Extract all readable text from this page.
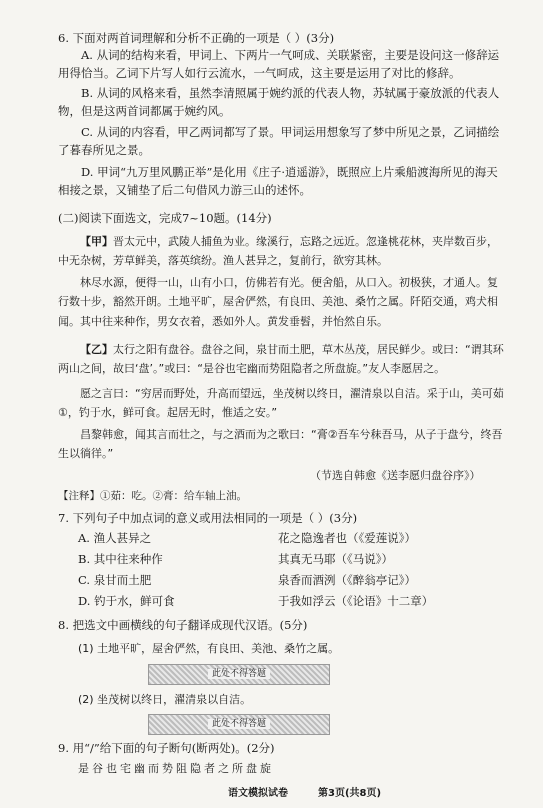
6. 下面对两首词理解和分析不正确的一项是（ ）(3分)
A. 从词的结构来看，甲词上、下两片一气呵成、关联紧密，主要是设问这一修辞运用得恰当。乙词下片写人如行云流水，一气呵成，这主要是运用了对比的修辞。
B. 从词的风格来看，虽然李清照属于婉约派的代表人物，苏轼属于豪放派的代表人物，但是这两首词都属于婉约风。
C. 从词的内容看，甲乙两词都写了景。甲词运用想象写了梦中所见之景，乙词描绘了暮春所见之景。
D. 甲词“九万里风鹏正举”是化用《庄子·逍遥游》，既照应上片乘船渡海所见的海天相接之景，又铺垫了后二句借风力游三山的述怀。
(二)阅读下面选文，完成7~10题。(14分)
【甲】晋太元中，武陵人捕鱼为业。缘溪行，忘路之远近。忽逢桃花林，夹岸数百步，中无杂树，芳草鲜美，落英缤纷。渔人甚异之，复前行，欲穷其林。
林尽水源，便得一山，山有小口，仿佛若有光。便舍船，从口入。初极狭，才通人。复行数十步，豁然开朗。土地平旷，屋舍俨然，有良田、美池、桑竹之属。阡陌交通，鸡犬相闻。其中往来种作，男女衣着，悉如外人。黄发垂髫，并怡然自乐。
【乙】太行之阳有盘谷。盘谷之间，泉甘而土肥，草木丛茂，居民鲜少。或曰：“谓其环两山之间，故曰‘盘’。”或曰：“是谷也宅幽而势阻隐者之所盘旋。”友人李愿居之。
愿之言曰：“穷居而野处，升高而望远，坐茂树以终日，濯清泉以自洁。采于山，美可茹①，钓于水，鲜可食。起居无时，惟适之安。”
昌黎韩愈，闻其言而壮之，与之酒而为之歌曰：“膏②吾车兮秣吾马，从子于盘兮，终吾生以徜徉。”
（节选自韩愈《送李愿归盘谷序》）
【注释】①茹：吃。②膏：给车轴上油。
7. 下列句子中加点词的意义或用法相同的一项是（ ）(3分)
A. 渔人甚异之	花之隐逸者也（《爱莲说》）
B. 其中往来种作	其真无马耶（《马说》）
C. 泉甘而土肥	泉香而酒洌（《醉翁亭记》）
D. 钓于水，鲜可食	于我如浮云（《论语》十二章）
8. 把选文中画横线的句子翻译成现代汉语。(5分)
(1) 土地平旷，屋舍俨然，有良田、美池、桑竹之属。
此处不得答题
(2) 坐茂树以终日，濯清泉以自洁。
此处不得答题
9. 用“/”给下面的句子断句(断两处)。(2分)
是谷也宅幽而势阻隐者之所盘旋
语文模拟试卷	第3页(共8页)
